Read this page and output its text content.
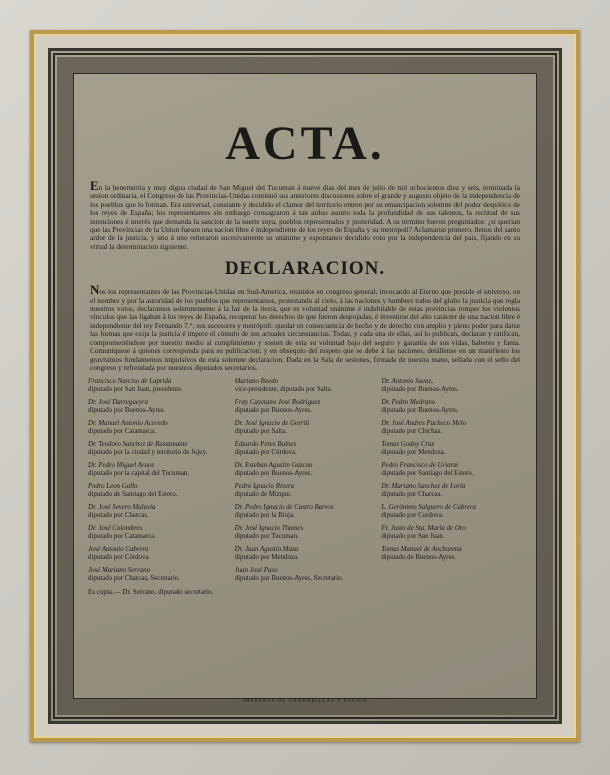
ACTA.

En la benemérita y muy digna ciudad de San Miguel del Tucuman á nueve dias del mes de julio de mil ochocientos diez y seis, terminada la sesion ordinaria, el Congreso de las Provincias-Unidas continuó sus anteriores discusiones sobre el grande y augusto objeto de la independencia de los pueblos que lo forman. Era universal, constante y decidido el clamor del territorio entero por su emancipacion solemne del poder despótico de los reyes de España; los representantes sin embargo consagraron á tan arduo asunto toda la profundidad de sus talentos, la rectitud de sus intenciones é interés que demanda la sancion de la suerte suya, pueblos representados y posteridad. A su término fueron preguntados: ¿si querian que las Provincias de la Union fuesen una nacion libre é independiente de los reyes de España y su metrópoli? Aclamaron primero, llenos del santo ardor de la justicia, y uno á uno reiteraron sucesivamente su unánime y espontaneo decidido voto por la independencia del pais, fijando en su virtud la determinacion siguiente.

DECLARACION.

Nos los representantes de las Provincias-Unidas en Sud-America, reunidos en congreso general, invocando al Eterno que preside el universo, en el nombre y por la autoridad de los pueblos que representamos, protestando al cielo, á las naciones y hombres todos del globo la justicia que regla nuestros votos, declaramos solemnemente á la faz de la tierra, que es voluntad unánime é indubitable de estas provincias romper los violentos vínculos que las ligaban á los reyes de España, recuperar los derechos de que fueron despojadas, é investirse del alto carácter de una nacion libre é independiente del rey Fernando 7.°, sus sucesores y metrópoli: quedar en consecuencia de hecho y de derecho con amplio y pleno poder para darse las formas que exija la justicia é impere el cúmulo de sus actuales circunstancias. Todas, y cada una de ellas, así lo publican, declaran y ratifican, comprometiéndose por nuestro medio al cumplimiento y sosten de esta su voluntad bajo del seguro y garantía de sus vidas, haberes y fama. Comuníquese á quienes corresponda para su publicacion; y en obsequio del respeto que se debe á las naciones, detállense en un manifiesto los gravísimos fundamentos impulsivos de esta solemne declaracion. Dada en la Sala de sesiones, firmada de nuestra mano, sellada con el sello del congreso y refrendada por nuestros diputados secretarios.

Francisco Narciso de Laprida
diputado por San Juan, presidente.
Mariano Boedo
vice-presidente, diputado por Salta.
Dr. Antonio Saenz,
diputado por Buenos-Ayres.
Dr. José Darregueyra
diputado por Buenos-Ayres.
Fray Cayetano José Rodriguez
diputado por Buenos-Ayres.
Dr. Pedro Medrano
diputado por Buenos-Ayres.
Dr. Manuel Antonio Acevedo
diputado por Catamarca.
Dr. José Ignacio de Gorriti
diputado por Salta.
Dr. José Andres Pacheco Melo
diputado por Chichas.
Dr. Teodoro Sanchez de Bustamante
diputado por la ciudad y territorio de Jujuy.
Eduardo Perez Bulnes
diputado por Córdova.
Tomas Godoy Cruz
diputado por Mendoza.
Dr. Pedro Miguel Araoz
diputado por la capital del Tucuman.
Dr. Esteban Agustin Gazcon
diputado por Buenos-Ayres.
Pedro Francisco de Uriarte
diputado por Santiago del Estero.
Pedro Leon Gallo
diputado de Santiago del Estero.
Pedro Ignacio Rivera
diputado de Mizque.
Dr. Mariano Sanchez de Loria
diputado por Charcas.
Dr. José Severo Malavia
diputado por Charcas.
Dr. Pedro Ignacio de Castro Barros
diputado por la Rioja.
L. Gerónimo Salguero de Cabrera
diputado por Cordova.
Dr. José Colombres
diputado por Catamarca.
Dr. José Ignacio Thames
diputado por Tucuman.
Fr. Justo de Sta. María de Oro
diputado por San Juan.
José Antonio Cabrera
diputado por Córdova.
Dr. Juan Agustin Maza
diputado por Mendoza.
Tomas Manuel de Anchorena
diputado de Buenos-Ayres.
José Mariano Serrano
diputado por Charcas, Secretario.
Juan José Paso
diputado por Buenos-Ayres, Secretario.
Es copia.— Dr. Serrano, diputado secretario.
IMPRENTA DE GANDARILLAS Y SOCIOS
